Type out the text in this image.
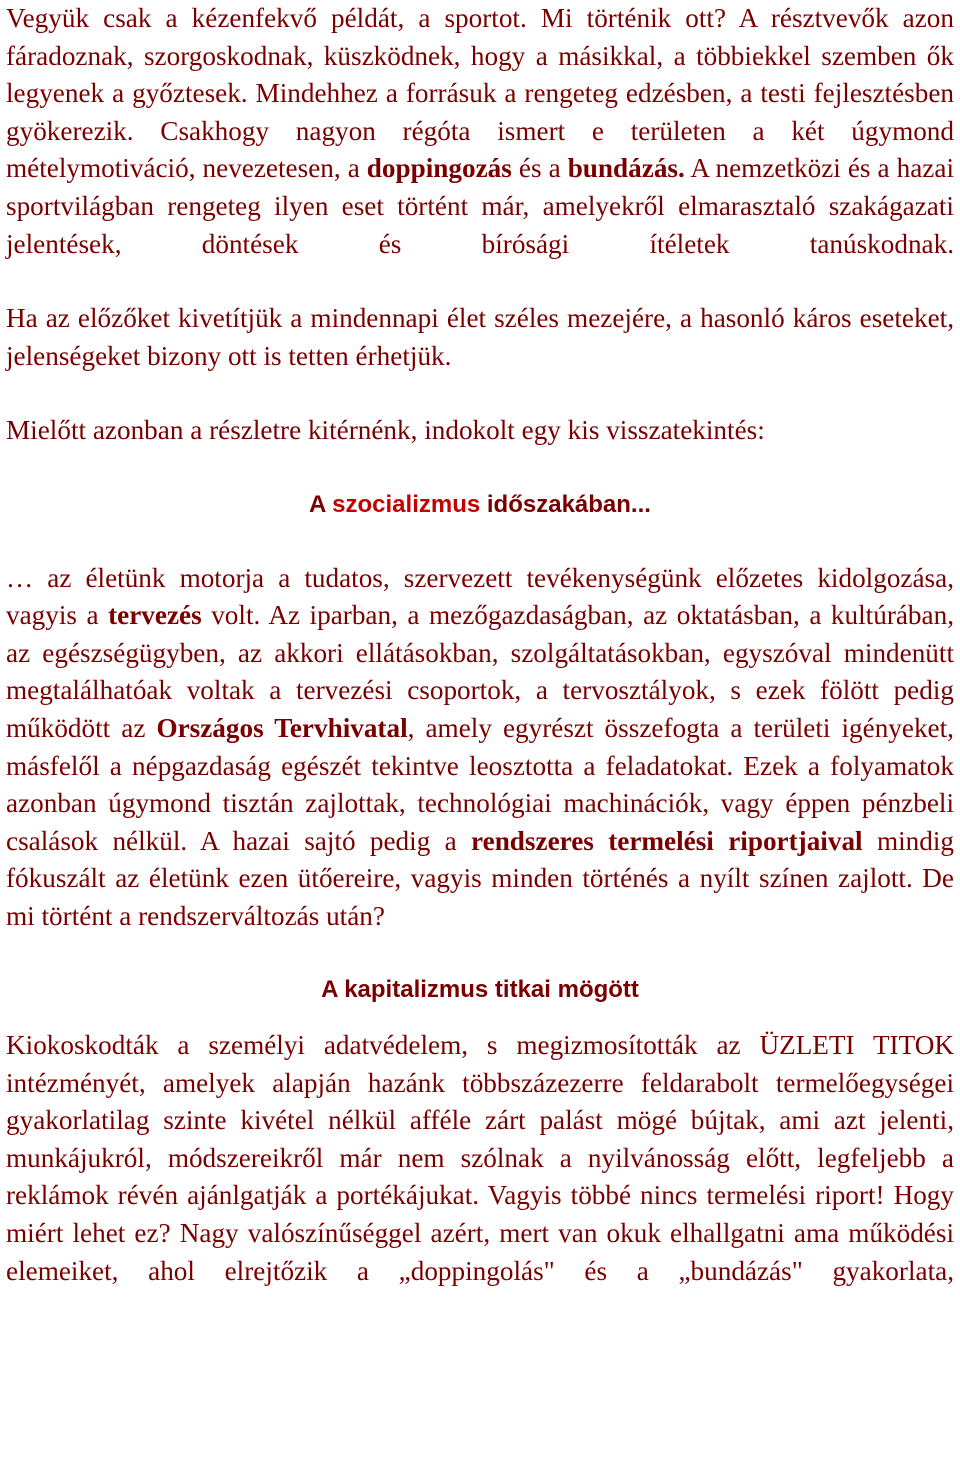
Vegyük csak a kézenfekvő példát, a sportot. Mi történik ott? A résztvevők azon fáradoznak, szorgoskodnak, küszködnek, hogy a másikkal, a többiekkel szemben ők legyenek a győztesek. Mindehhez a forrásuk a rengeteg edzésben, a testi fejlesztésben gyökerezik. Csakhogy nagyon régóta ismert e területen a két úgymond mételymotiváció, nevezetesen, a doppingozás és a bundázás. A nemzetközi és a hazai sportvilágban rengeteg ilyen eset történt már, amelyekről elmarasztaló szakágazati jelentések, döntések és bírósági ítéletek tanúskodnak.

Ha az előzőket kivetítjük a mindennapi élet széles mezejére, a hasonló káros eseteket, jelenségeket bizony ott is tetten érhetjük.

Mielőtt azonban a részletre kitérnénk, indokolt egy kis visszatekintés:

A szocializmus időszakában...

… az életünk motorja a tudatos, szervezett tevékenységünk előzetes kidolgozása, vagyis a tervezés volt. Az iparban, a mezőgazdaságban, az oktatásban, a kultúrában, az egészségügyben, az akkori ellátásokban, szolgáltatásokban, egyszóval mindenütt megtalálhatóak voltak a tervezési csoportok, a tervosztályok, s ezek fölött pedig működött az Országos Tervhivatal, amely egyrészt összefogta a területi igényeket, másfelől a népgazdaság egészét tekintve leosztotta a feladatokat. Ezek a folyamatok azonban úgymond tisztán zajlottak, technológiai machinációk, vagy éppen pénzbeli csalások nélkül. A hazai sajtó pedig a rendszeres termelési riportjaival mindig fókuszált az életünk ezen ütőereire, vagyis minden történés a nyílt színen zajlott. De mi történt a rendszerváltozás után?

A kapitalizmus titkai mögött

Kiokoskodták a személyi adatvédelem, s megizmosították az ÜZLETI TITOK intézményét, amelyek alapján hazánk többszázezerre feldarabolt termelőegységei gyakorlatilag szinte kivétel nélkül afféle zárt palást mögé bújtak, ami azt jelenti, munkájukról, módszereikről már nem szólnak a nyilvánosság előtt, legfeljebb a reklámok révén ajánlgatják a portékájukat. Vagyis többé nincs termelési riport! Hogy miért lehet ez? Nagy valószínűséggel azért, mert van okuk elhallgatni ama működési elemeiket, ahol elrejtőzik a „doppingolás" és a „bundázás" gyakorlata,
